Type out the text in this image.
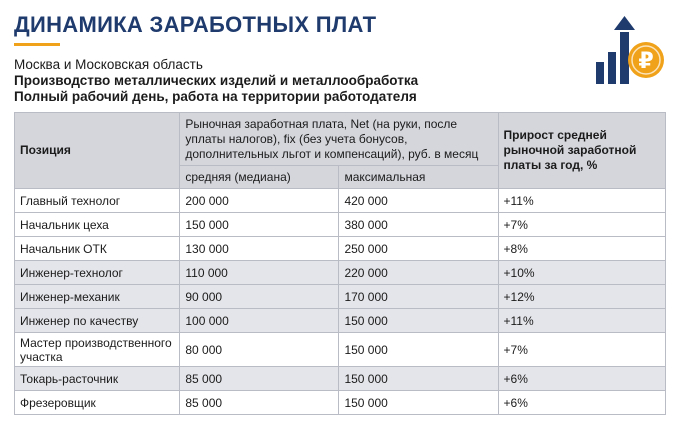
ДИНАМИКА ЗАРАБОТНЫХ ПЛАТ
Москва и Московская область
Производство металлических изделий и металлообработка
Полный рабочий день, работа на территории работодателя
₽
Позиция	Рыночная заработная плата, Net (на руки, после уплаты налогов), fix (без учета бонусов, дополнительных льгот и компенсаций), руб. в месяц		Прирост средней рыночной заработной платы за год, %
	средняя (медиана)	максимальная	
Главный технолог	200 000	420 000	+11%
Начальник цеха	150 000	380 000	+7%
Начальник ОТК	130 000	250 000	+8%
Инженер-технолог	110 000	220 000	+10%
Инженер-механик	90 000	170 000	+12%
Инженер по качеству	100 000	150 000	+11%
Мастер производственного участка	80 000	150 000	+7%
Токарь-расточник	85 000	150 000	+6%
Фрезеровщик	85 000	150 000	+6%
